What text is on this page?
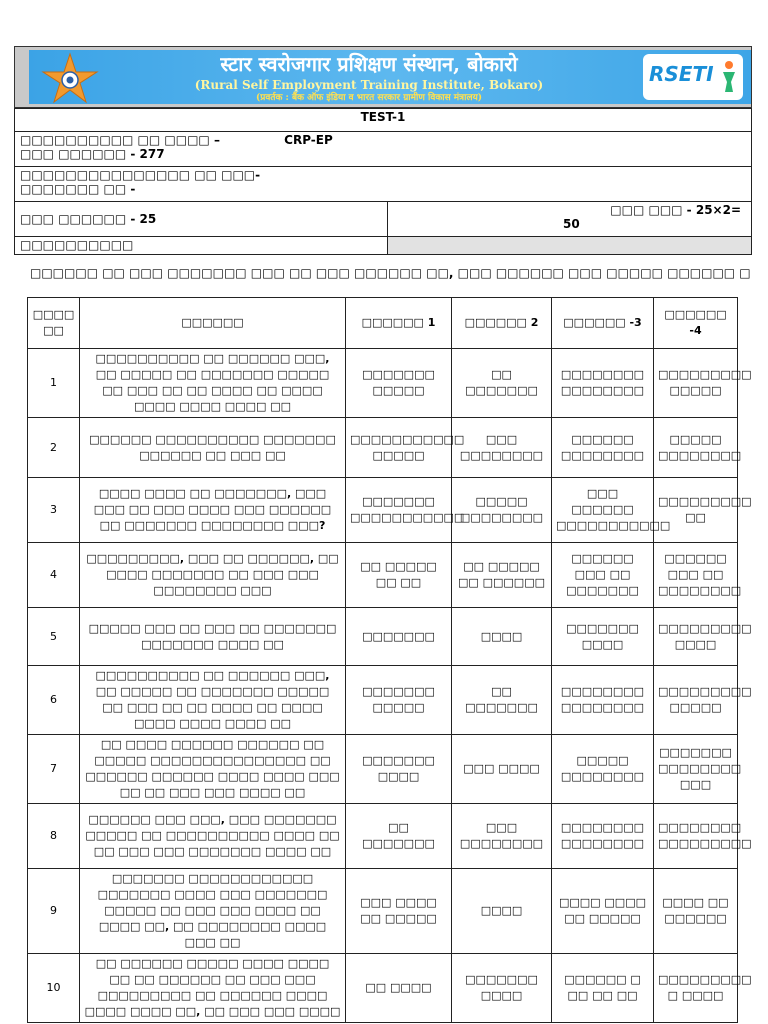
स्टार स्वरोजगार प्रशिक्षण संस्थान, बोकारो
(Rural Self Employment Training Institute, Bokaro)
(प्रवर्तक : बैंक ऑफ इंडिया व भारत सरकार ग्रामीण विकास मंत्रालय)
RSETI
TEST-1	
□□□□□□□□□□ □□ □□□□ – CRP-EP
□□□ □□□□□□ - 277	
□□□□□□□□□□□□□□□ □□ □□□-
□□□□□□□ □□ -	
□□□ □□□□□□ - 25	□□□ □□□ - 25×2=
50

□□□□□□□□□□	
□□□□□□ □□ □□□ □□□□□□□ □□□ □□ □□□ □□□□□□ □□, □□□ □□□□□□ □□□ □□□□□ □□□□□□ □
□□□□ □□	□□□□□□	□□□□□□ 1	□□□□□□ 2	□□□□□□ -3	□□□□□□ -4
1	□□□□□□□□□□ □□ □□□□□□ □□□, □□ □□□□□ □□ □□□□□□□ □□□□□ □□ □□□ □□ □□ □□□□ □□ □□□□ □□□□ □□□□ □□□□ □□	□□□□□□□ □□□□□	□□ □□□□□□□	□□□□□□□□ □□□□□□□□	□□□□□□□□□ □□□□□
2	□□□□□□ □□□□□□□□□□ □□□□□□□ □□□□□□ □□ □□□ □□	□□□□□□□□□□□ □□□□□	□□□ □□□□□□□□	□□□□□□ □□□□□□□□	□□□□□ □□□□□□□□
3	□□□□ □□□□ □□ □□□□□□□, □□□ □□□ □□ □□□ □□□□ □□□ □□□□□□ □□ □□□□□□□ □□□□□□□□ □□□?	□□□□□□□ □□□□□□□□□□□	□□□□□ □□□□□□□□	□□□ □□□□□□ □□□□□□□□□□□	□□□□□□□□□ □□
4	□□□□□□□□□, □□□ □□ □□□□□□, □□ □□□□ □□□□□□□ □□ □□□ □□□ □□□□□□□□ □□□	□□ □□□□□ □□ □□	□□ □□□□□ □□ □□□□□□	□□□□□□ □□□ □□ □□□□□□□	□□□□□□ □□□ □□ □□□□□□□□
5	□□□□□ □□□ □□ □□□ □□ □□□□□□□ □□□□□□□ □□□□ □□	□□□□□□□	□□□□	□□□□□□□ □□□□	□□□□□□□□□ □□□□
6	□□□□□□□□□□ □□ □□□□□□ □□□, □□ □□□□□ □□ □□□□□□□ □□□□□ □□ □□□ □□ □□ □□□□ □□ □□□□ □□□□ □□□□ □□□□ □□	□□□□□□□ □□□□□	□□ □□□□□□□	□□□□□□□□ □□□□□□□□	□□□□□□□□□ □□□□□
7	□□ □□□□ □□□□□□ □□□□□□ □□ □□□□□ □□□□□□□□□□□□□□□ □□ □□□□□□ □□□□□□ □□□□ □□□□ □□□ □□ □□ □□□ □□□ □□□□ □□	□□□□□□□ □□□□	□□□ □□□□	□□□□□ □□□□□□□□	□□□□□□□ □□□□□□□□ □□□
8	□□□□□□ □□□ □□□, □□□ □□□□□□□ □□□□□ □□ □□□□□□□□□□ □□□□ □□ □□ □□□ □□□ □□□□□□□ □□□□ □□	□□ □□□□□□□	□□□ □□□□□□□□	□□□□□□□□ □□□□□□□□	□□□□□□□□ □□□□□□□□□
9	□□□□□□□ □□□□□□□□□□□□ □□□□□□□ □□□□ □□□ □□□□□□□ □□□□□ □□ □□□ □□□ □□□□ □□ □□□□ □□, □□ □□□□□□□□ □□□□ □□□ □□	□□□ □□□□ □□ □□□□□	□□□□	□□□□ □□□□ □□ □□□□□	□□□□ □□ □□□□□□
10	□□ □□□□□□ □□□□□ □□□□ □□□□ □□ □□ □□□□□□ □□ □□□ □□□ □□□□□□□□□ □□ □□□□□□ □□□□ □□□□ □□□□ □□, □□ □□□ □□□ □□□□	□□ □□□□	□□□□□□□ □□□□	□□□□□□ □ □□ □□ □□	□□□□□□□□□ □ □□□□
